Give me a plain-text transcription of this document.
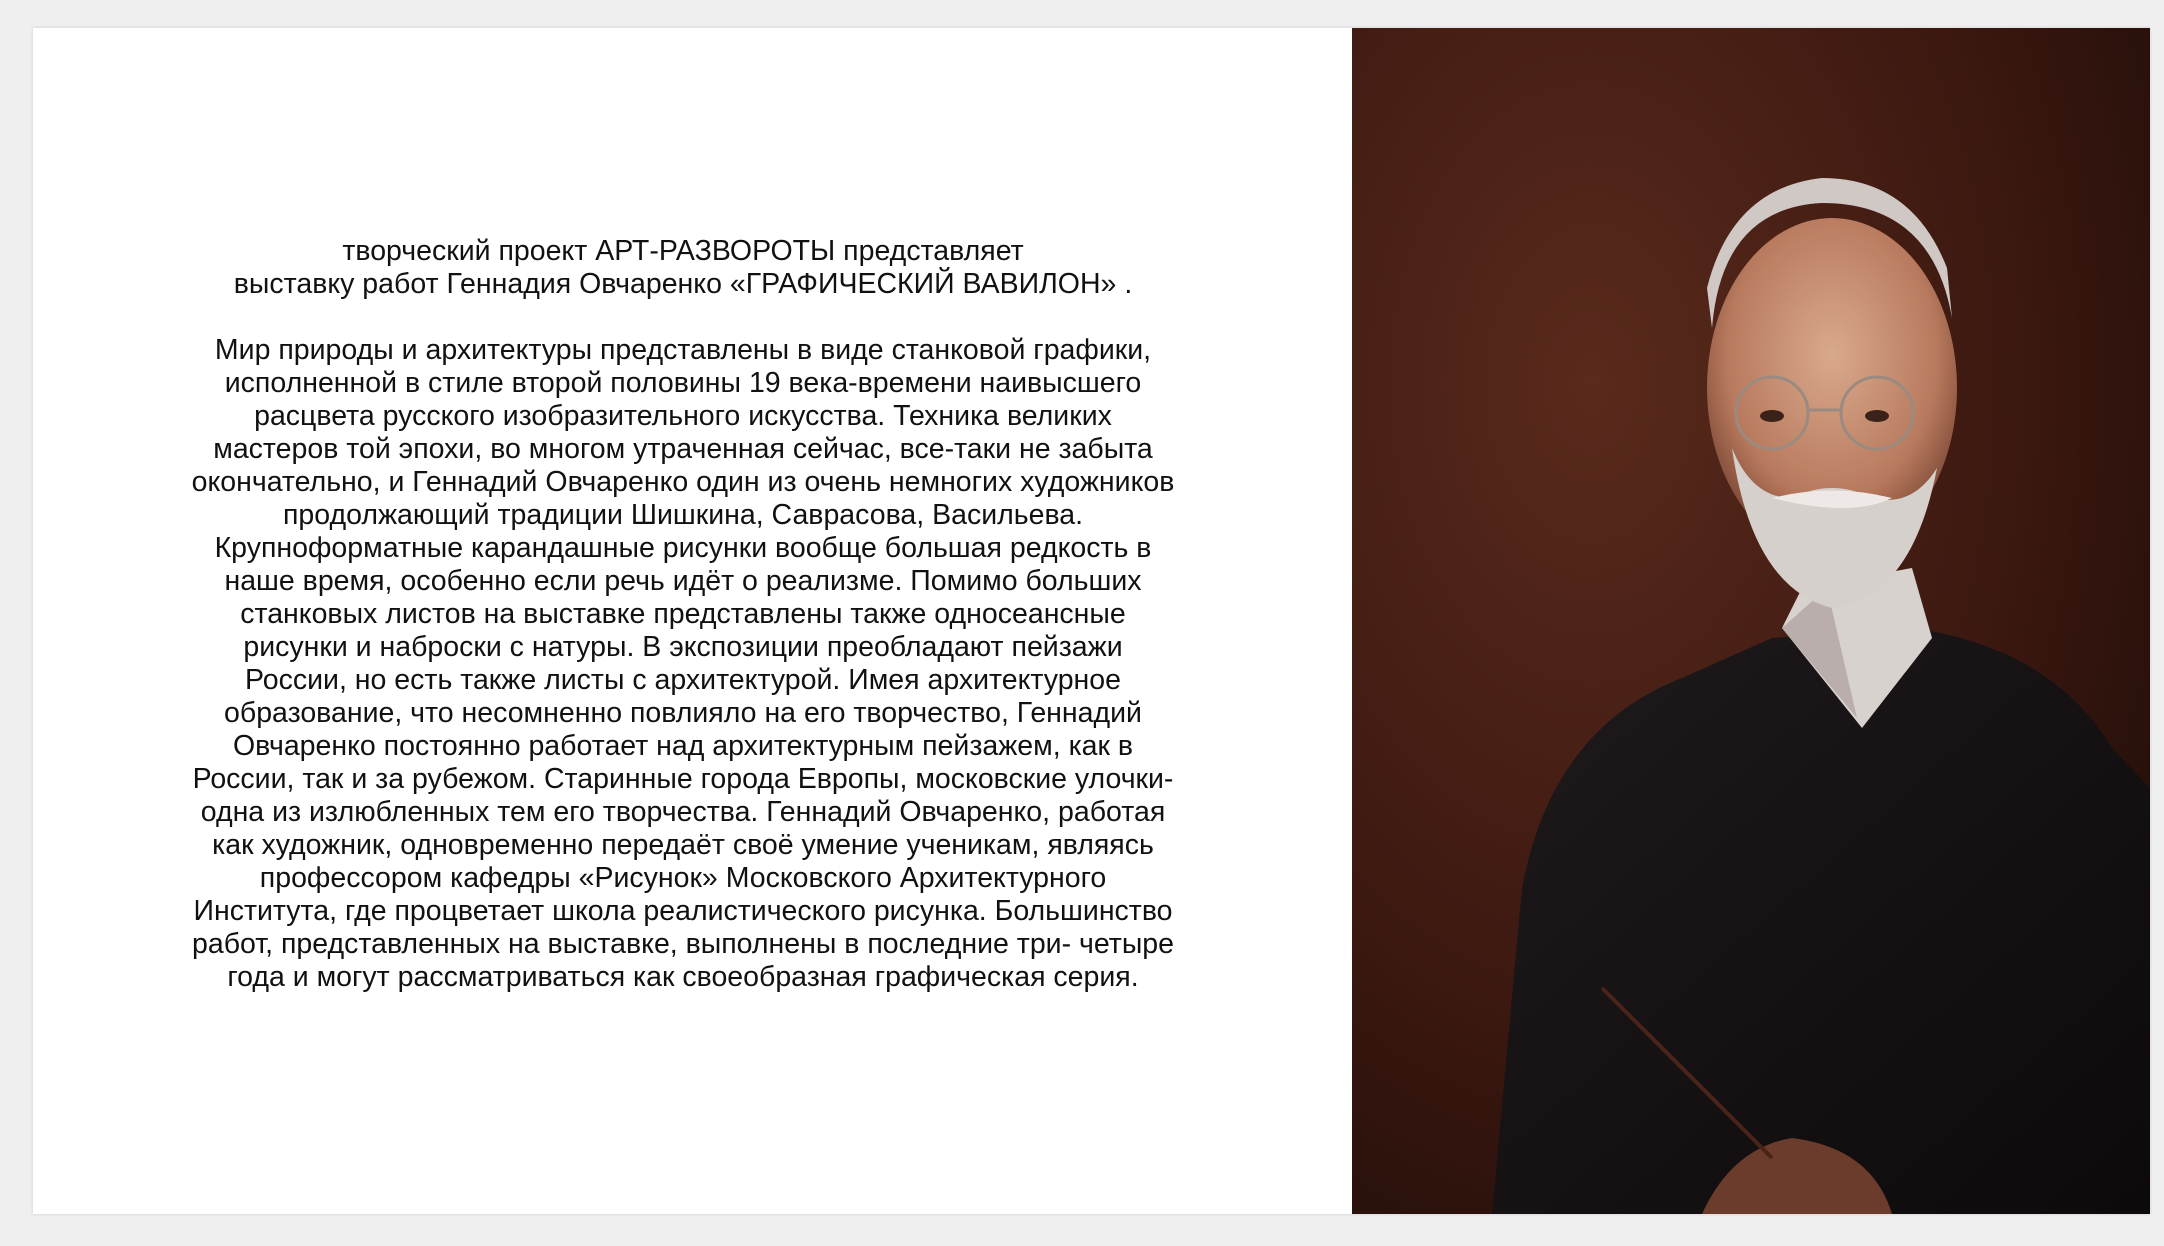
творческий проект АРТ-РАЗВОРОТЫ представляет
выставку работ Геннадия Овчаренко «ГРАФИЧЕСКИЙ ВАВИЛОН» .
Мир природы и архитектуры представлены в виде станковой графики,
исполненной в стиле второй половины 19 века-времени наивысшего
расцвета русского изобразительного искусства. Техника великих
мастеров той эпохи, во многом утраченная сейчас, все-таки не забыта
окончательно, и Геннадий Овчаренко один из очень немногих художников
продолжающий традиции Шишкина, Саврасова, Васильева.
Крупноформатные карандашные рисунки вообще большая редкость в
наше время, особенно если речь идёт о реализме. Помимо больших
станковых листов на выставке представлены также односеансные
рисунки и наброски с натуры. В экспозиции преобладают пейзажи
России, но есть также листы с архитектурой. Имея архитектурное
образование, что несомненно повлияло на его творчество, Геннадий
Овчаренко постоянно работает над архитектурным пейзажем, как в
России, так и за рубежом. Старинные города Европы, московские улочки-
одна из излюбленных тем его творчества. Геннадий Овчаренко, работая
как художник, одновременно передаёт своё умение ученикам, являясь
профессором кафедры «Рисунок» Московского Архитектурного
Института, где процветает школа реалистического рисунка. Большинство
работ, представленных на выставке, выполнены в последние три- четыре
года и могут рассматриваться как своеобразная графическая серия.
